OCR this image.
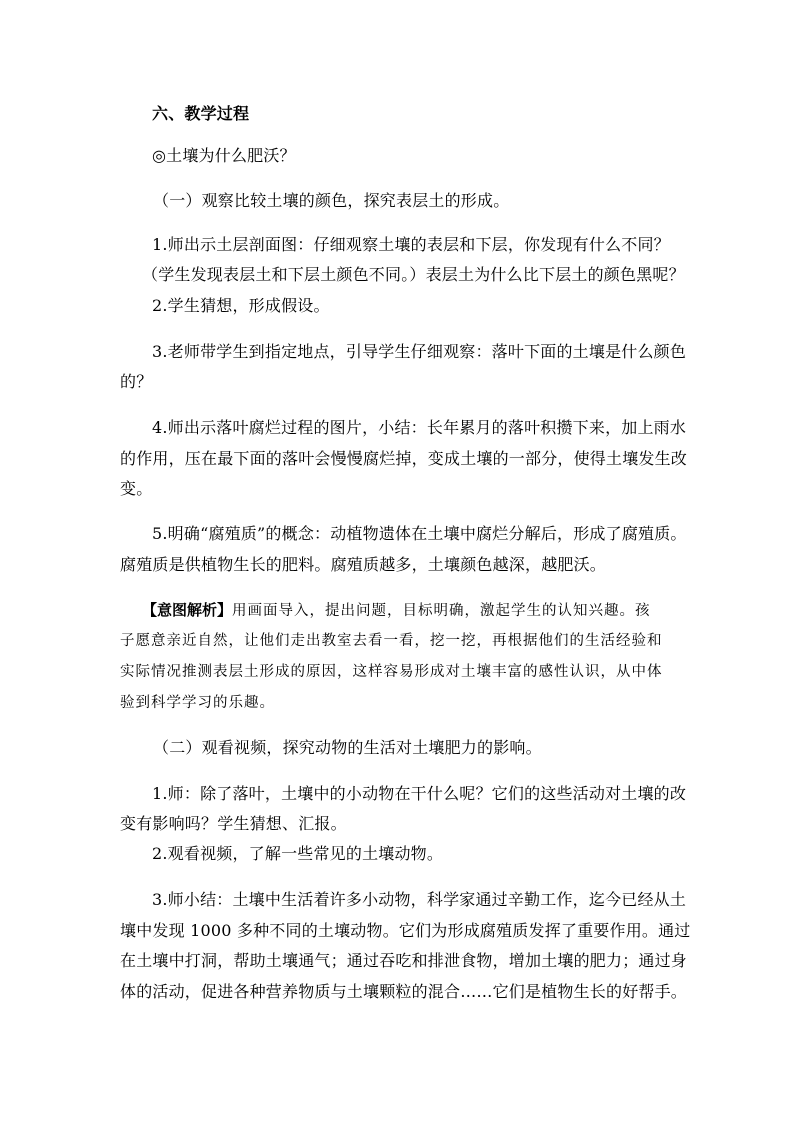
六、教学过程
◎土壤为什么肥沃？
（一）观察比较土壤的颜色，探究表层土的形成。
1.师出示土层剖面图：仔细观察土壤的表层和下层，你发现有什么不同？
（学生发现表层土和下层土颜色不同。）表层土为什么比下层土的颜色黑呢？
2.学生猜想，形成假设。
3.老师带学生到指定地点，引导学生仔细观察：落叶下面的土壤是什么颜色
的？
4.师出示落叶腐烂过程的图片，小结：长年累月的落叶积攒下来，加上雨水
的作用，压在最下面的落叶会慢慢腐烂掉，变成土壤的一部分，使得土壤发生改
变。
5.明确“腐殖质”的概念：动植物遗体在土壤中腐烂分解后，形成了腐殖质。
腐殖质是供植物生长的肥料。腐殖质越多，土壤颜色越深，越肥沃。
【意图解析】用画面导入，提出问题，目标明确，激起学生的认知兴趣。孩
子愿意亲近自然，让他们走出教室去看一看，挖一挖，再根据他们的生活经验和
实际情况推测表层土形成的原因，这样容易形成对土壤丰富的感性认识，从中体
验到科学学习的乐趣。
（二）观看视频，探究动物的生活对土壤肥力的影响。
1.师：除了落叶，土壤中的小动物在干什么呢？它们的这些活动对土壤的改
变有影响吗？学生猜想、汇报。
2.观看视频，了解一些常见的土壤动物。
3.师小结：土壤中生活着许多小动物，科学家通过辛勤工作，迄今已经从土
壤中发现 1000 多种不同的土壤动物。它们为形成腐殖质发挥了重要作用。通过
在土壤中打洞，帮助土壤通气；通过吞吃和排泄食物，增加土壤的肥力；通过身
体的活动，促进各种营养物质与土壤颗粒的混合……它们是植物生长的好帮手。
